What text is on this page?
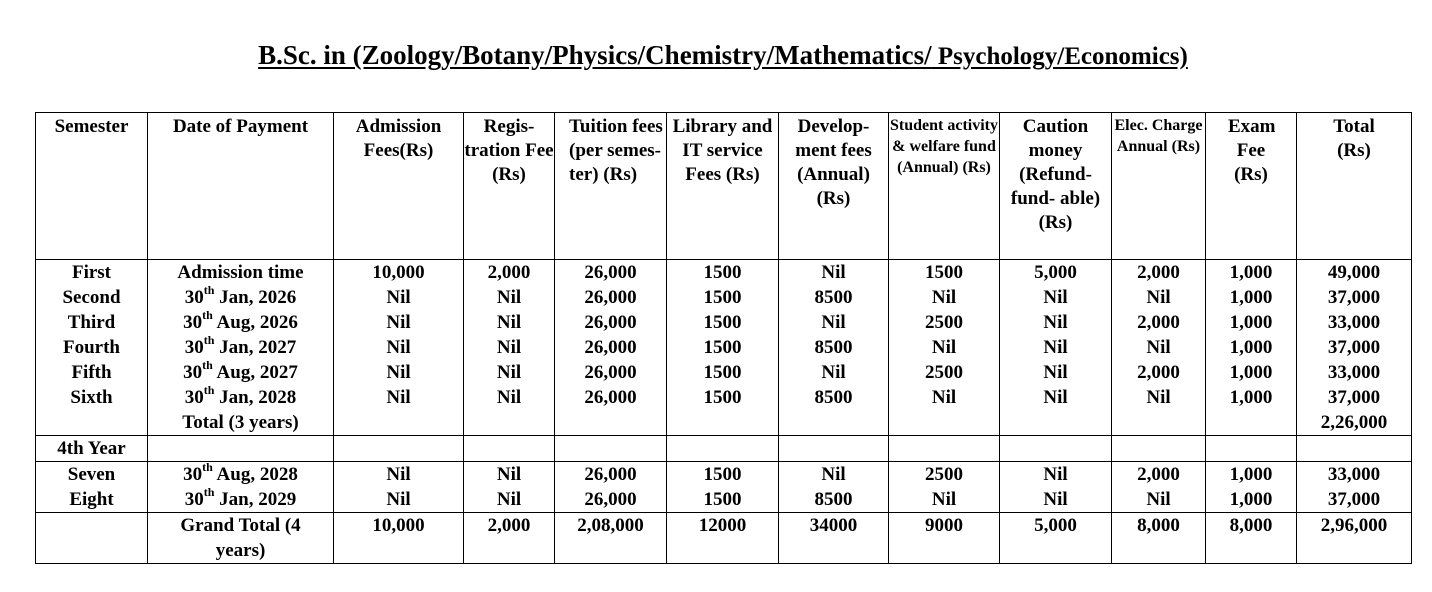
B.Sc. in (Zoology/Botany/Physics/Chemistry/Mathematics/ Psychology/Economics)
Semester	Date of Payment	Admission Fees(Rs)	Regis- tration Fee (Rs)	Tuition fees (per semes- ter) (Rs)	Library and IT service Fees (Rs)	Develop- ment fees (Annual) (Rs)	Student activity & welfare fund (Annual) (Rs)	Caution money (Refund- fund- able) (Rs)	Elec. Charge Annual (Rs)	Exam Fee (Rs)	Total (Rs)
First	Admission time	10,000	2,000	26,000	1500	Nil	1500	5,000	2,000	1,000	49,000
Second	30th Jan, 2026	Nil	Nil	26,000	1500	8500	Nil	Nil	Nil	1,000	37,000
Third	30th Aug, 2026	Nil	Nil	26,000	1500	Nil	2500	Nil	2,000	1,000	33,000
Fourth	30th Jan, 2027	Nil	Nil	26,000	1500	8500	Nil	Nil	Nil	1,000	37,000
Fifth	30th Aug, 2027	Nil	Nil	26,000	1500	Nil	2500	Nil	2,000	1,000	33,000
Sixth	30th Jan, 2028	Nil	Nil	26,000	1500	8500	Nil	Nil	Nil	1,000	37,000
	Total (3 years)										2,26,000
4th Year											
Seven	30th Aug, 2028	Nil	Nil	26,000	1500	Nil	2500	Nil	2,000	1,000	33,000
Eight	30th Jan, 2029	Nil	Nil	26,000	1500	8500	Nil	Nil	Nil	1,000	37,000
	Grand Total (4 years)	10,000	2,000	2,08,000	12000	34000	9000	5,000	8,000	8,000	2,96,000
